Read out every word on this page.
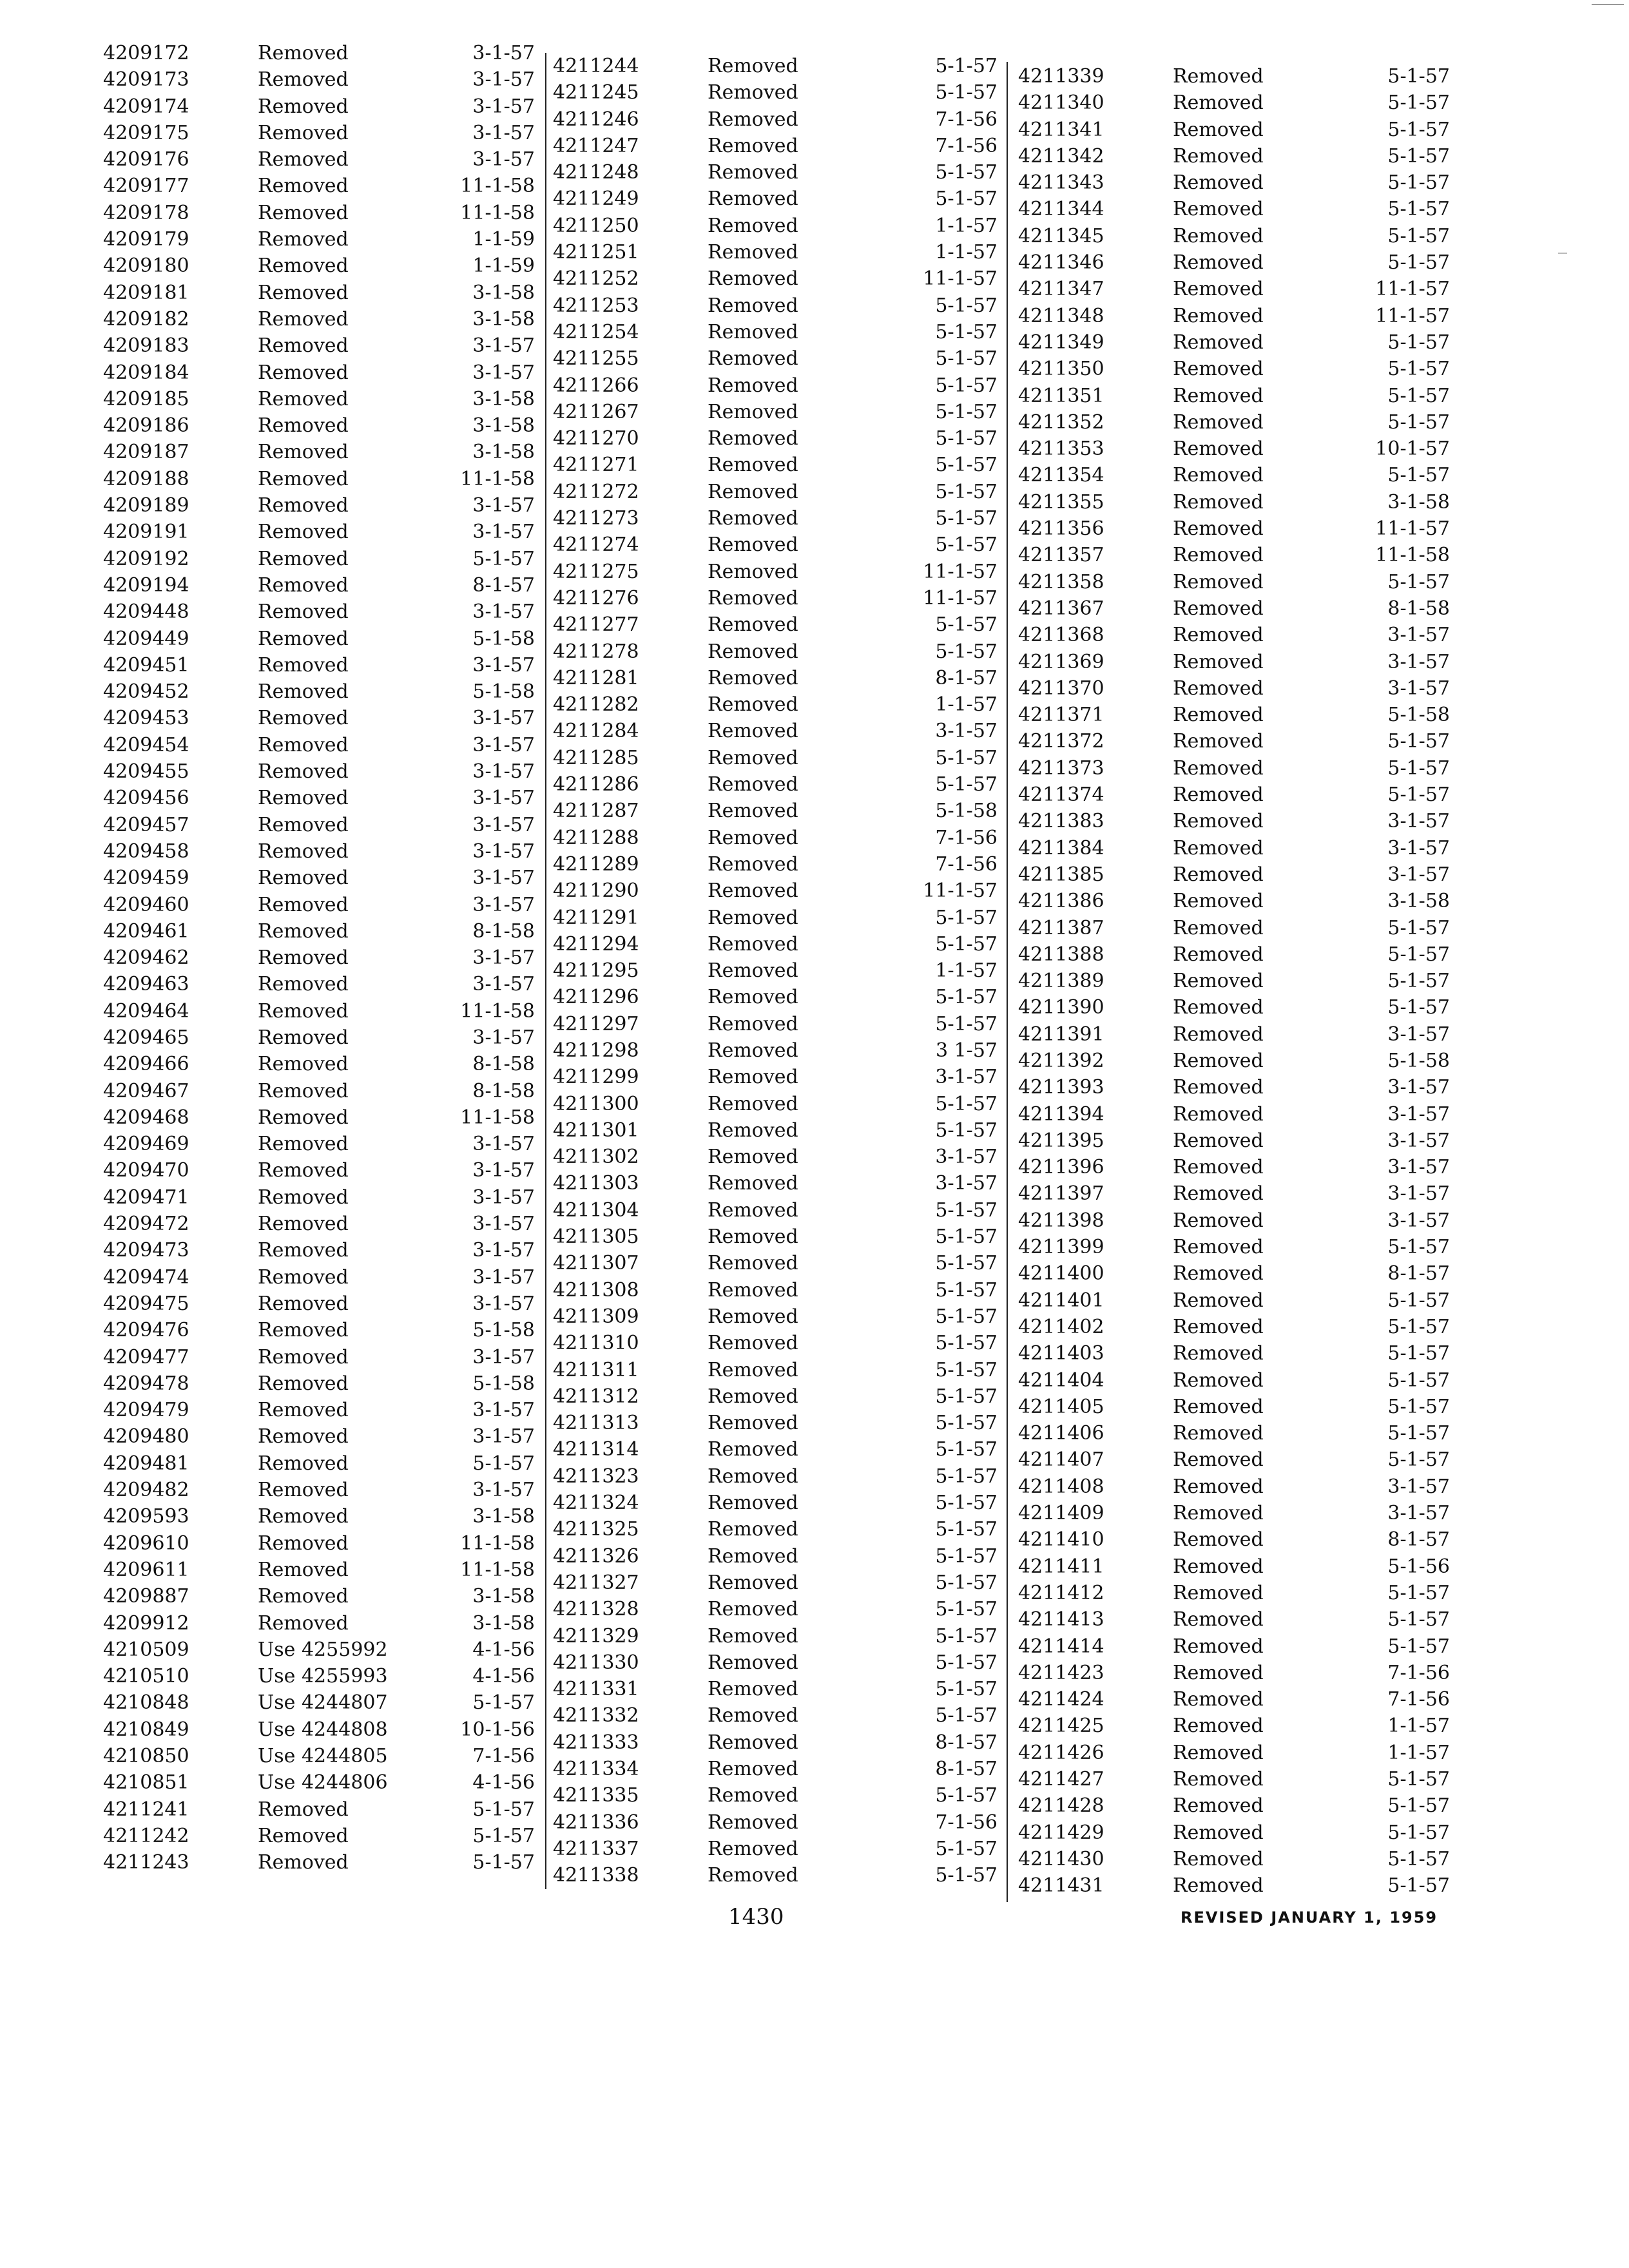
4209172	Removed	3-1-57
4209173	Removed	3-1-57
4209174	Removed	3-1-57
4209175	Removed	3-1-57
4209176	Removed	3-1-57
4209177	Removed	11-1-58
4209178	Removed	11-1-58
4209179	Removed	1-1-59
4209180	Removed	1-1-59
4209181	Removed	3-1-58
4209182	Removed	3-1-58
4209183	Removed	3-1-57
4209184	Removed	3-1-57
4209185	Removed	3-1-58
4209186	Removed	3-1-58
4209187	Removed	3-1-58
4209188	Removed	11-1-58
4209189	Removed	3-1-57
4209191	Removed	3-1-57
4209192	Removed	5-1-57
4209194	Removed	8-1-57
4209448	Removed	3-1-57
4209449	Removed	5-1-58
4209451	Removed	3-1-57
4209452	Removed	5-1-58
4209453	Removed	3-1-57
4209454	Removed	3-1-57
4209455	Removed	3-1-57
4209456	Removed	3-1-57
4209457	Removed	3-1-57
4209458	Removed	3-1-57
4209459	Removed	3-1-57
4209460	Removed	3-1-57
4209461	Removed	8-1-58
4209462	Removed	3-1-57
4209463	Removed	3-1-57
4209464	Removed	11-1-58
4209465	Removed	3-1-57
4209466	Removed	8-1-58
4209467	Removed	8-1-58
4209468	Removed	11-1-58
4209469	Removed	3-1-57
4209470	Removed	3-1-57
4209471	Removed	3-1-57
4209472	Removed	3-1-57
4209473	Removed	3-1-57
4209474	Removed	3-1-57
4209475	Removed	3-1-57
4209476	Removed	5-1-58
4209477	Removed	3-1-57
4209478	Removed	5-1-58
4209479	Removed	3-1-57
4209480	Removed	3-1-57
4209481	Removed	5-1-57
4209482	Removed	3-1-57
4209593	Removed	3-1-58
4209610	Removed	11-1-58
4209611	Removed	11-1-58
4209887	Removed	3-1-58
4209912	Removed	3-1-58
4210509	Use 4255992	4-1-56
4210510	Use 4255993	4-1-56
4210848	Use 4244807	5-1-57
4210849	Use 4244808	10-1-56
4210850	Use 4244805	7-1-56
4210851	Use 4244806	4-1-56
4211241	Removed	5-1-57
4211242	Removed	5-1-57
4211243	Removed	5-1-57
4211244	Removed	5-1-57
4211245	Removed	5-1-57
4211246	Removed	7-1-56
4211247	Removed	7-1-56
4211248	Removed	5-1-57
4211249	Removed	5-1-57
4211250	Removed	1-1-57
4211251	Removed	1-1-57
4211252	Removed	11-1-57
4211253	Removed	5-1-57
4211254	Removed	5-1-57
4211255	Removed	5-1-57
4211266	Removed	5-1-57
4211267	Removed	5-1-57
4211270	Removed	5-1-57
4211271	Removed	5-1-57
4211272	Removed	5-1-57
4211273	Removed	5-1-57
4211274	Removed	5-1-57
4211275	Removed	11-1-57
4211276	Removed	11-1-57
4211277	Removed	5-1-57
4211278	Removed	5-1-57
4211281	Removed	8-1-57
4211282	Removed	1-1-57
4211284	Removed	3-1-57
4211285	Removed	5-1-57
4211286	Removed	5-1-57
4211287	Removed	5-1-58
4211288	Removed	7-1-56
4211289	Removed	7-1-56
4211290	Removed	11-1-57
4211291	Removed	5-1-57
4211294	Removed	5-1-57
4211295	Removed	1-1-57
4211296	Removed	5-1-57
4211297	Removed	5-1-57
4211298	Removed	3 1-57
4211299	Removed	3-1-57
4211300	Removed	5-1-57
4211301	Removed	5-1-57
4211302	Removed	3-1-57
4211303	Removed	3-1-57
4211304	Removed	5-1-57
4211305	Removed	5-1-57
4211307	Removed	5-1-57
4211308	Removed	5-1-57
4211309	Removed	5-1-57
4211310	Removed	5-1-57
4211311	Removed	5-1-57
4211312	Removed	5-1-57
4211313	Removed	5-1-57
4211314	Removed	5-1-57
4211323	Removed	5-1-57
4211324	Removed	5-1-57
4211325	Removed	5-1-57
4211326	Removed	5-1-57
4211327	Removed	5-1-57
4211328	Removed	5-1-57
4211329	Removed	5-1-57
4211330	Removed	5-1-57
4211331	Removed	5-1-57
4211332	Removed	5-1-57
4211333	Removed	8-1-57
4211334	Removed	8-1-57
4211335	Removed	5-1-57
4211336	Removed	7-1-56
4211337	Removed	5-1-57
4211338	Removed	5-1-57
4211339	Removed	5-1-57
4211340	Removed	5-1-57
4211341	Removed	5-1-57
4211342	Removed	5-1-57
4211343	Removed	5-1-57
4211344	Removed	5-1-57
4211345	Removed	5-1-57
4211346	Removed	5-1-57
4211347	Removed	11-1-57
4211348	Removed	11-1-57
4211349	Removed	5-1-57
4211350	Removed	5-1-57
4211351	Removed	5-1-57
4211352	Removed	5-1-57
4211353	Removed	10-1-57
4211354	Removed	5-1-57
4211355	Removed	3-1-58
4211356	Removed	11-1-57
4211357	Removed	11-1-58
4211358	Removed	5-1-57
4211367	Removed	8-1-58
4211368	Removed	3-1-57
4211369	Removed	3-1-57
4211370	Removed	3-1-57
4211371	Removed	5-1-58
4211372	Removed	5-1-57
4211373	Removed	5-1-57
4211374	Removed	5-1-57
4211383	Removed	3-1-57
4211384	Removed	3-1-57
4211385	Removed	3-1-57
4211386	Removed	3-1-58
4211387	Removed	5-1-57
4211388	Removed	5-1-57
4211389	Removed	5-1-57
4211390	Removed	5-1-57
4211391	Removed	3-1-57
4211392	Removed	5-1-58
4211393	Removed	3-1-57
4211394	Removed	3-1-57
4211395	Removed	3-1-57
4211396	Removed	3-1-57
4211397	Removed	3-1-57
4211398	Removed	3-1-57
4211399	Removed	5-1-57
4211400	Removed	8-1-57
4211401	Removed	5-1-57
4211402	Removed	5-1-57
4211403	Removed	5-1-57
4211404	Removed	5-1-57
4211405	Removed	5-1-57
4211406	Removed	5-1-57
4211407	Removed	5-1-57
4211408	Removed	3-1-57
4211409	Removed	3-1-57
4211410	Removed	8-1-57
4211411	Removed	5-1-56
4211412	Removed	5-1-57
4211413	Removed	5-1-57
4211414	Removed	5-1-57
4211423	Removed	7-1-56
4211424	Removed	7-1-56
4211425	Removed	1-1-57
4211426	Removed	1-1-57
4211427	Removed	5-1-57
4211428	Removed	5-1-57
4211429	Removed	5-1-57
4211430	Removed	5-1-57
4211431	Removed	5-1-57
1430	REVISED JANUARY 1, 1959
